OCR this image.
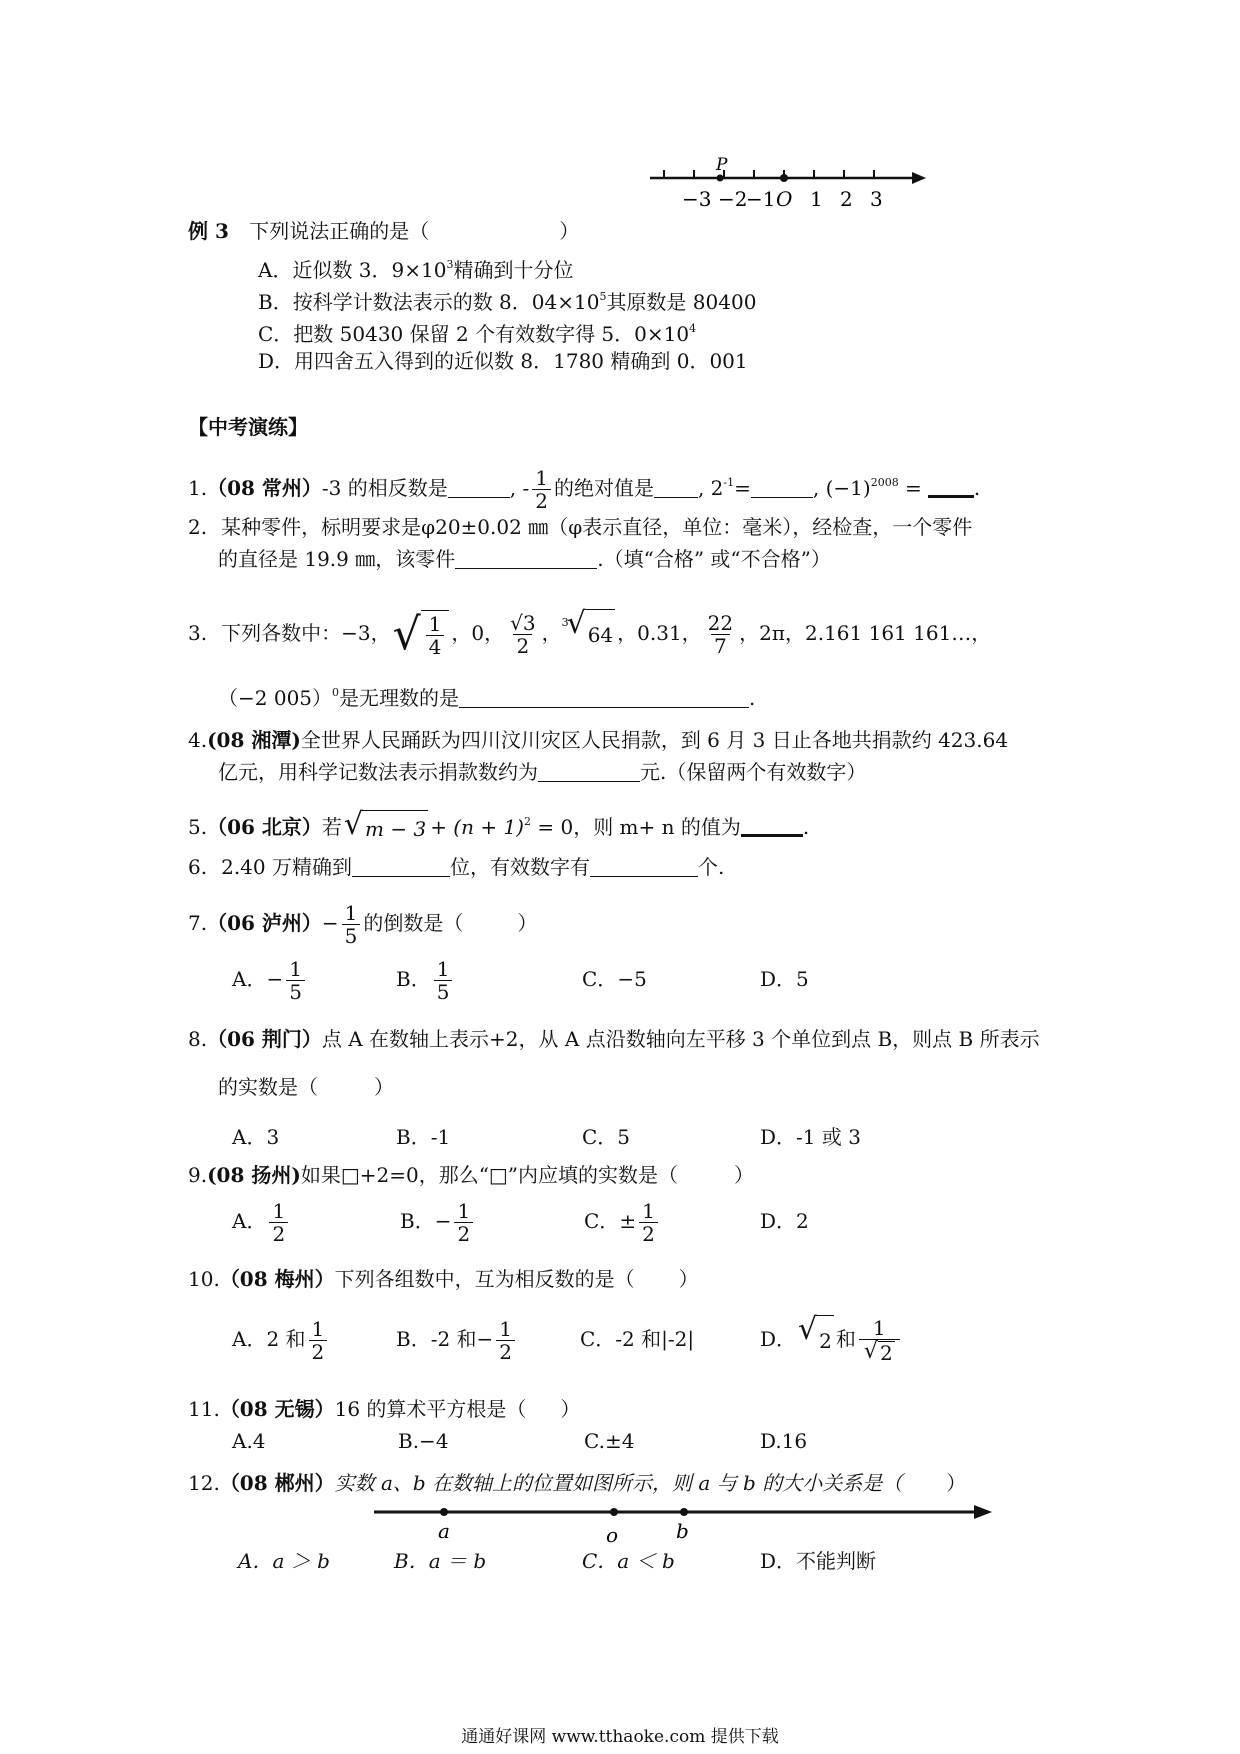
P
−3 −2
−1 O 1 2 3
例 3 下列说法正确的是（	）
A．近似数 3．$9\times 10^3$精确到十分位
B．按科学计数法表示的数 8．$04\times 10^5$其原数是 80400
C．把数 50430 保留 2 个有效数字得 5．$0\times 10^4$
D．用四舍五入得到的近似数 8．1780 精确到 0．001
【中考演练】
1.（08 常州）-3 的相反数是	, - $\frac{1}{2}$ 的绝对值是 , $2^{-1}=$	, $(-1)^{2008}$ =	.
2. 某种零件，标明要求是φ20±0.02 ㎜（φ表示直径，单位：毫米），经检查，一个零件
的直径是 19.9 ㎜，该零件	.（填“合格” 或“不合格”）
3. 下列各数中：−3， √ $\frac{1}{4}$ ，0， $\frac{√3}{2}$ ，$^3$
√ 64 ，0.31， $\frac{22}{7}$ ，2π，2.161 161 161…，
（−2 005）$^0$是无理数的是	.
4.(08 湘潭)全世界人民踊跃为四川汶川灾区人民捐款，到 6 月 3 日止各地共捐款约 423.64
亿元，用科学记数法表示捐款数约为	元.（保留两个有效数字）
5.（06 北京）若 √ $m - 3 + (n + 1)^2 = 0$，则 m+ n 的值为	.
6. 2.40 万精确到	位，有效数字有	个.
7.（06 泸州）− $\frac{1}{5}$ 的倒数是（	）
A．− $\frac{1}{5}$	B． $\frac{1}{5}$	C．−5	D．5
8.（06 荆门）点 A 在数轴上表示+2，从 A 点沿数轴向左平移 3 个单位到点 B，则点 B 所表示
的实数是（	）
A．3	B．-1	C．5	D．-1 或 3
9.(08 扬州)如果□+2=0，那么“□”内应填的实数是（	）
A． $\frac{1}{2}$	B．− $\frac{1}{2}$	C．± $\frac{1}{2}$	D．2
10.（08 梅州）下列各组数中，互为相反数的是（ ）
A．2 和 $\frac{1}{2}$	B．-2 和− $\frac{1}{2}$	C．-2 和|-2|	D． √ 2 和 $\frac{1}{√ 2}$
11.（08 无锡）16 的算术平方根是（ ）
A.4	B.−4	C.±4	D.16
12.（08 郴州）实数 a、b 在数轴上的位置如图所示，则 a 与 b 的大小关系是（ ）
a	o	b
A．a ＞ b	B．a ＝ b	C．a ＜ b	D．不能判断
通通好课网 www.tthaoke.com 提供下载
